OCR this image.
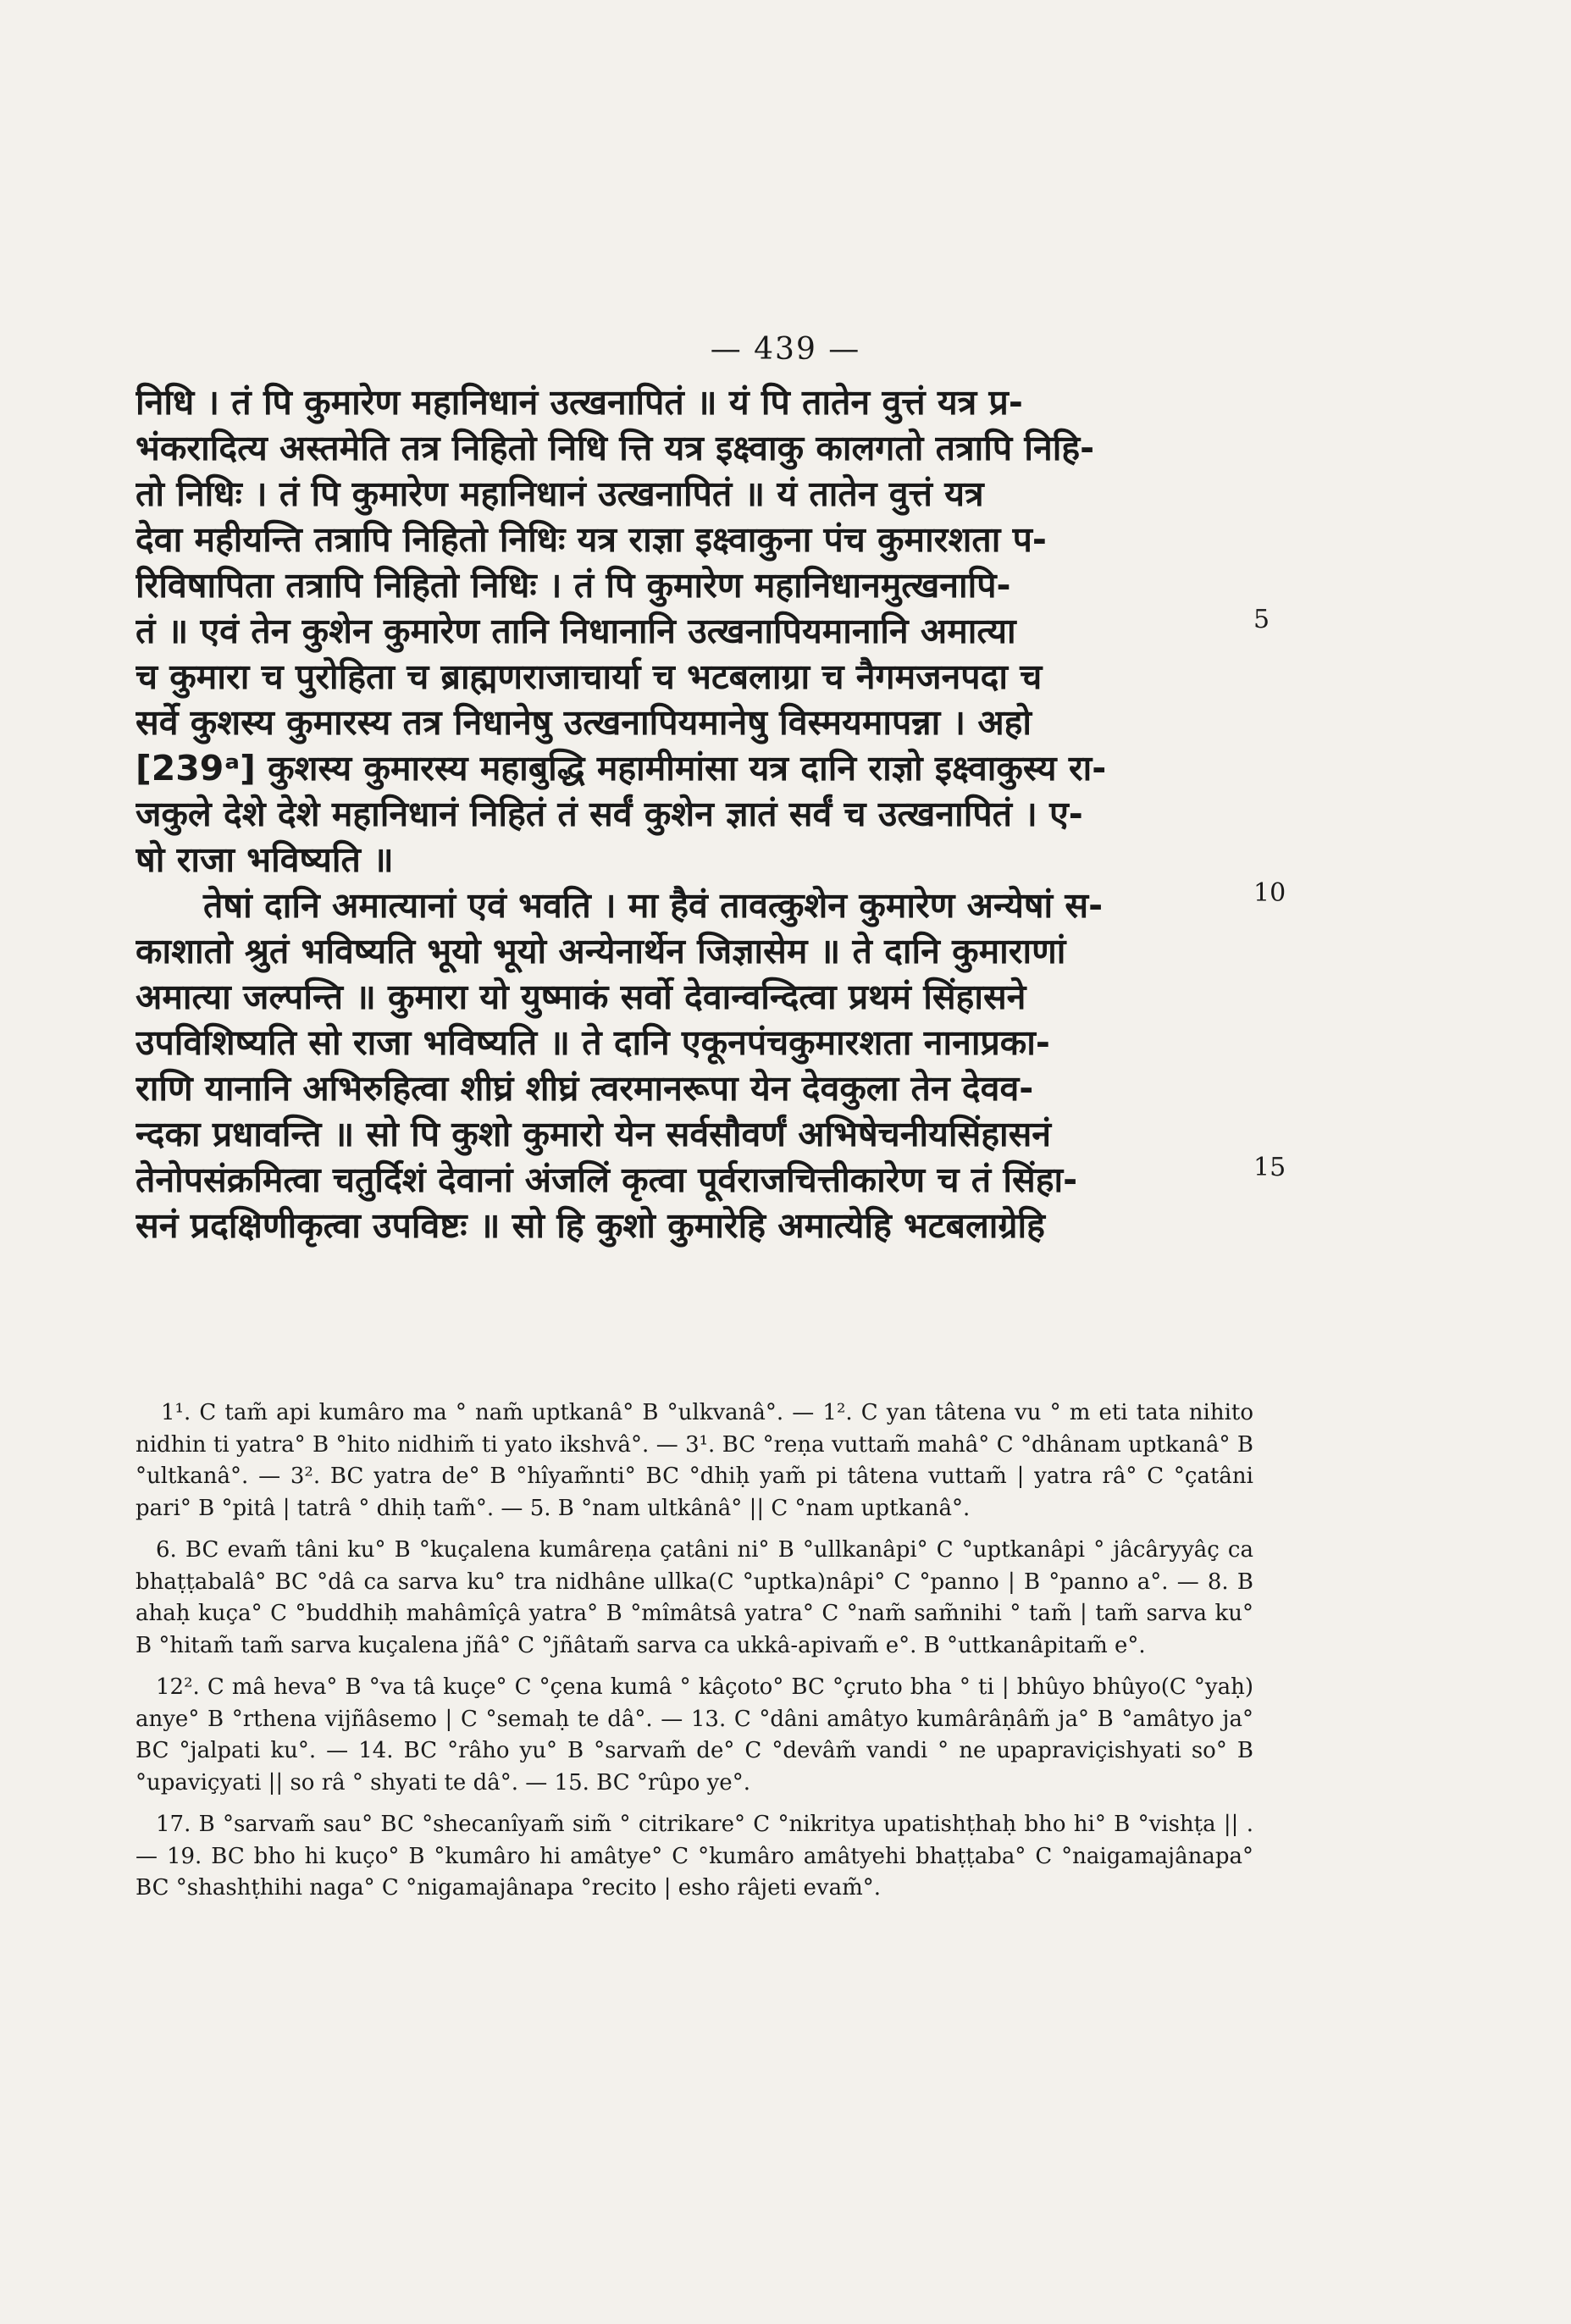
— 439 —
निधि । तं पि कुमारेण महानिधानं उत्खनापितं ॥ यं पि तातेन वुत्तं यत्र प्र-
भंकरादित्य अस्तमेति तत्र निहितो निधि त्ति यत्र इक्ष्वाकु कालगतो तत्रापि निहि-
तो निधिः । तं पि कुमारेण महानिधानं उत्खनापितं ॥ यं तातेन वुत्तं यत्र
देवा महीयन्ति तत्रापि निहितो निधिः यत्र राज्ञा इक्ष्वाकुना पंच कुमारशता प-
रिविषापिता तत्रापि निहितो निधिः । तं पि कुमारेण महानिधानमुत्खनापि-
तं ॥ एवं तेन कुशेन कुमारेण तानि निधानानि उत्खनापियमानानि अमात्या
च कुमारा च पुरोहिता च ब्राह्मणराजाचार्या च भटबलाग्रा च नैगमजनपदा च
सर्वे कुशस्य कुमारस्य तत्र निधानेषु उत्खनापियमानेषु विस्मयमापन्ना । अहो
[239ᵃ] कुशस्य कुमारस्य महाबुद्धि महामीमांसा यत्र दानि राज्ञो इक्ष्वाकुस्य रा-
जकुले देशे देशे महानिधानं निहितं तं सर्वं कुशेन ज्ञातं सर्वं च उत्खनापितं । ए-
षो राजा भविष्यति ॥
तेषां दानि अमात्यानां एवं भवति । मा हैवं तावत्कुशेन कुमारेण अन्येषां स-
काशातो श्रुतं भविष्यति भूयो भूयो अन्येनार्थेन जिज्ञासेम ॥ ते दानि कुमाराणां
अमात्या जल्पन्ति ॥ कुमारा यो युष्माकं सर्वो देवान्वन्दित्वा प्रथमं सिंहासने
उपविशिष्यति सो राजा भविष्यति ॥ ते दानि एकूनपंचकुमारशता नानाप्रका-
राणि यानानि अभिरुहित्वा शीघ्रं शीघ्रं त्वरमानरूपा येन देवकुला तेन देवव-
न्दका प्रधावन्ति ॥ सो पि कुशो कुमारो येन सर्वसौवर्णं अभिषेचनीयसिंहासनं
तेनोपसंक्रमित्वा चतुर्दिशं देवानां अंजलिं कृत्वा पूर्वराजचित्तीकारेण च तं सिंहा-
सनं प्रदक्षिणीकृत्वा उपविष्टः ॥ सो हि कुशो कुमारेहि अमात्येहि भटबलाग्रेहि
5
10
15

1¹. C tam̃ api kumâro ma ° nam̃ uptkanâ° B °ulkvanâ°. — 1². C yan tâtena vu ° m eti tata nihito nidhin ti yatra° B °hito nidhim̃ ti yato ikshvâ°. — 3¹. BC °reṇa vuttam̃ mahâ° C °dhânam uptkanâ° B °ultkanâ°. — 3². BC yatra de° B °hîyam̃nti° BC °dhiḥ yam̃ pi tâtena vuttam̃ | yatra râ° C °çatâni pari° B °pitâ | tatrâ ° dhiḥ tam̃°. — 5. B °nam ultkânâ° || C °nam uptkanâ°.

6. BC evam̃ tâni ku° B °kuçalena kumâreṇa çatâni ni° B °ullkanâpi° C °uptkanâpi ° jâcâryyâç ca bhaṭṭabalâ° BC °dâ ca sarva ku° tra nidhâne ullka(C °uptka)nâpi° C °panno | B °panno a°. — 8. B ahaḥ kuça° C °buddhiḥ mahâmîçâ yatra° B °mîmâtsâ yatra° C °nam̃ sam̃nihi ° tam̃ | tam̃ sarva ku° B °hitam̃ tam̃ sarva kuçalena jñâ° C °jñâtam̃ sarva ca ukkâ-apivam̃ e°. B °uttkanâpitam̃ e°.

12². C mâ heva° B °va tâ kuçe° C °çena kumâ ° kâçoto° BC °çruto bha ° ti | bhûyo bhûyo(C °yaḥ) anye° B °rthena vijñâsemo | C °semaḥ te dâ°. — 13. C °dâni amâtyo kumârâṇâm̃ ja° B °amâtyo ja° BC °jalpati ku°. — 14. BC °râho yu° B °sarvam̃ de° C °devâm̃ vandi ° ne upapraviçishyati so° B °upaviçyati || so râ ° shyati te dâ°. — 15. BC °rûpo ye°.

17. B °sarvam̃ sau° BC °shecanîyam̃ sim̃ ° citrikare° C °nikritya upatishṭhaḥ bho hi° B °vishṭa || . — 19. BC bho hi kuço° B °kumâro hi amâtye° C °kumâro amâtyehi bhaṭṭaba° C °naigamajânapa° BC °shashṭhihi naga° C °nigamajânapa °recito | esho râjeti evam̃°.
